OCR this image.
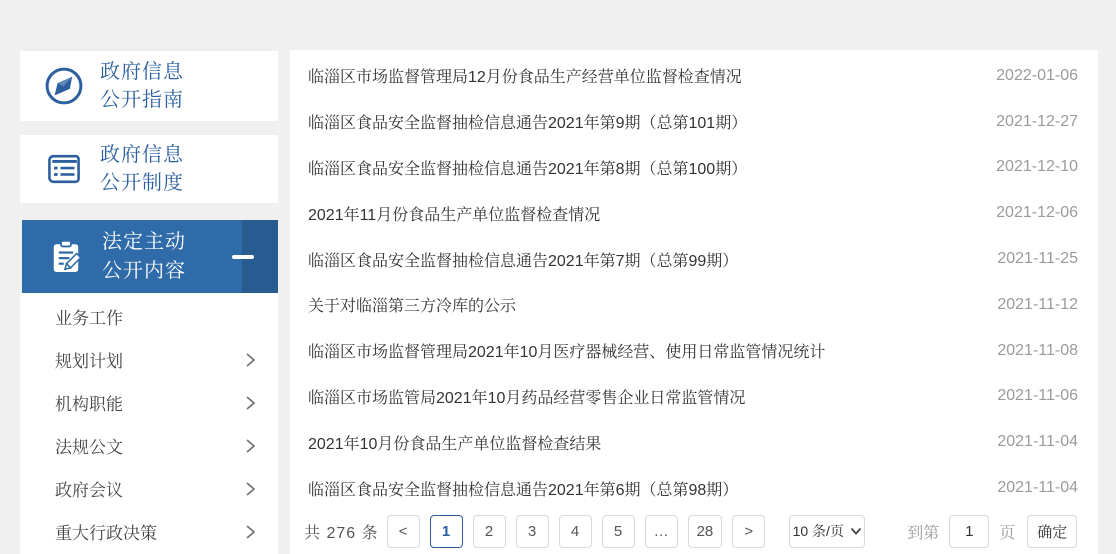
政府信息
公开指南
政府信息
公开制度
法定主动
公开内容
业务工作
规划计划
机构职能
法规公文
政府会议
重大行政决策
临淄区市场监督管理局12月份食品生产经营单位监督检查情况	2022-01-06
临淄区食品安全监督抽检信息通告2021年第9期（总第101期）	2021-12-27
临淄区食品安全监督抽检信息通告2021年第8期（总第100期）	2021-12-10
2021年11月份食品生产单位监督检查情况	2021-12-06
临淄区食品安全监督抽检信息通告2021年第7期（总第99期）	2021-11-25
关于对临淄第三方冷库的公示	2021-11-12
临淄区市场监督管理局2021年10月医疗器械经营、使用日常监管情况统计	2021-11-08
临淄区市场监管局2021年10月药品经营零售企业日常监管情况	2021-11-06
2021年10月份食品生产单位监督检查结果	2021-11-04
临淄区食品安全监督抽检信息通告2021年第6期（总第98期）	2021-11-04
共 276 条	<	1	2	3	4	5	…	28	>	10 条/页	到第
1	页	确定
